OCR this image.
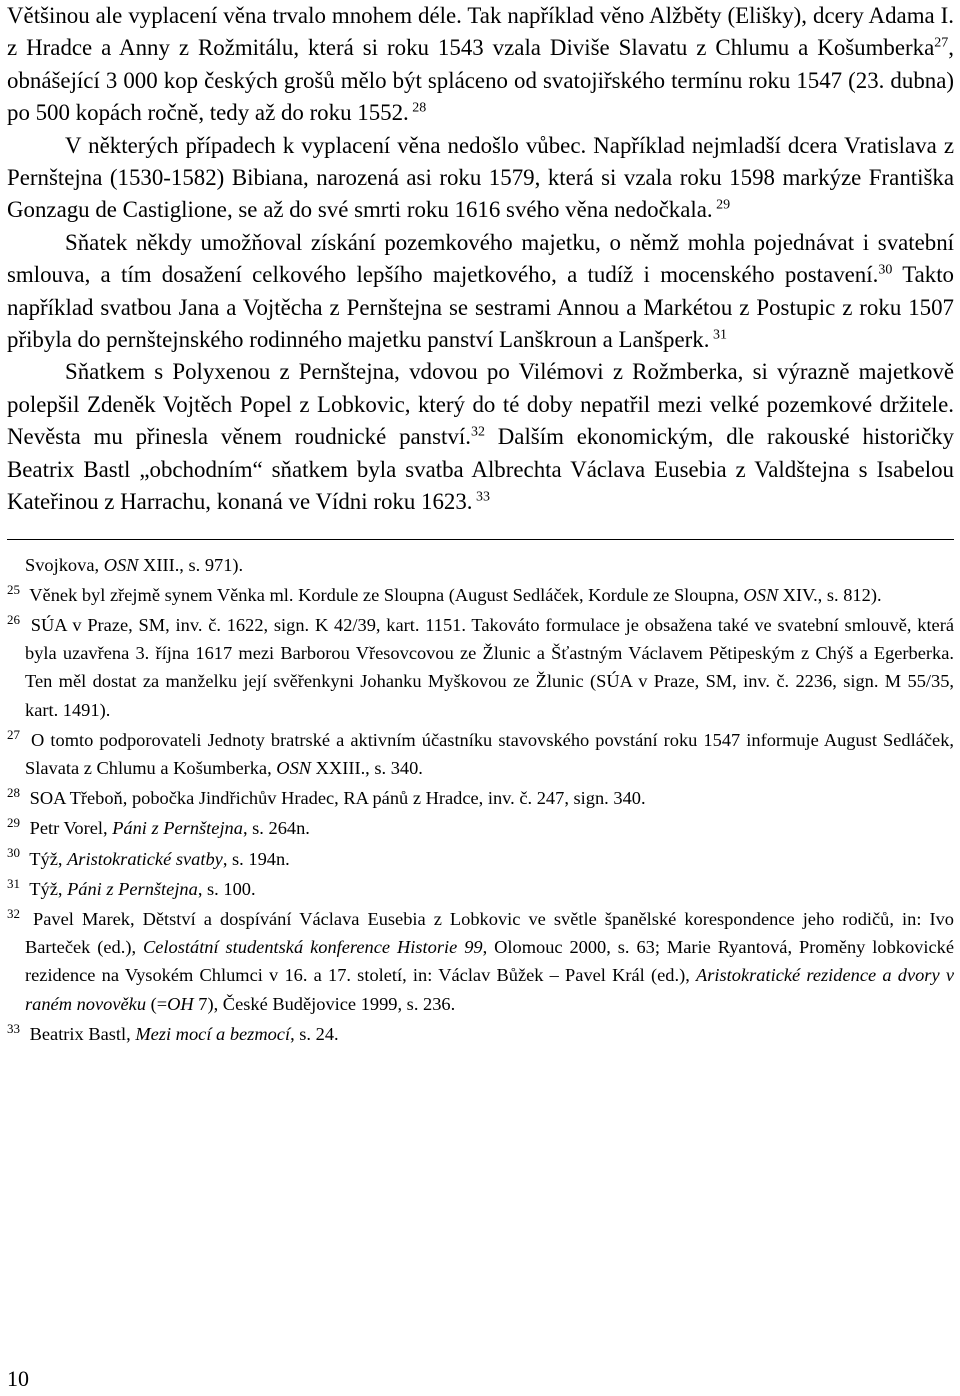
Většinou ale vyplacení věna trvalo mnohem déle. Tak například věno Alžběty (Elišky), dcery Adama I. z Hradce a Anny z Rožmitálu, která si roku 1543 vzala Diviše Slavatu z Chlumu a Košumberka$^{27}$, obnášející 3 000 kop českých grošů mělo být spláceno od svatojiřského termínu roku 1547 (23. dubna) po 500 kopách ročně, tedy až do roku 1552. $^{28}$

V některých případech k vyplacení věna nedošlo vůbec. Například nejmladší dcera Vratislava z Pernštejna (1530-1582) Bibiana, narozená asi roku 1579, která si vzala roku 1598 markýze Františka Gonzagu de Castiglione, se až do své smrti roku 1616 svého věna nedočkala. $^{29}$

Sňatek někdy umožňoval získání pozemkového majetku, o němž mohla pojednávat i svatební smlouva, a tím dosažení celkového lepšího majetkového, a tudíž i mocenského postavení.$^{30}$ Takto například svatbou Jana a Vojtěcha z Pernštejna se sestrami Annou a Markétou z Postupic z roku 1507 přibyla do pernštejnského rodinného majetku panství Lanškroun a Lanšperk. $^{31}$

Sňatkem s Polyxenou z Pernštejna, vdovou po Vilémovi z Rožmberka, si výrazně majetkově polepšil Zdeněk Vojtěch Popel z Lobkovic, který do té doby nepatřil mezi velké pozemkové držitele. Nevěsta mu přinesla věnem roudnické panství.$^{32}$ Dalším ekonomickým, dle rakouské historičky Beatrix Bastl „obchodním“ sňatkem byla svatba Albrechta Václava Eusebia z Valdštejna s Isabelou Kateřinou z Harrachu, konaná ve Vídni roku 1623. $^{33}$

Svojkova, OSN XIII., s. 971).
25 Věnek byl zřejmě synem Věnka ml. Kordule ze Sloupna (August Sedláček, Kordule ze Sloupna, OSN XIV., s. 812).
26 SÚA v Praze, SM, inv. č. 1622, sign. K 42/39, kart. 1151. Takováto formulace je obsažena také ve svatební smlouvě, která byla uzavřena 3. října 1617 mezi Barborou Vřesovcovou ze Žlunic a Šťastným Václavem Pětipeským z Chýš a Egerberka. Ten měl dostat za manželku její svěřenkyni Johanku Myškovou ze Žlunic (SÚA v Praze, SM, inv. č. 2236, sign. M 55/35, kart. 1491).
27 O tomto podporovateli Jednoty bratrské a aktivním účastníku stavovského povstání roku 1547 informuje August Sedláček, Slavata z Chlumu a Košumberka, OSN XXIII., s. 340.
28 SOA Třeboň, pobočka Jindřichův Hradec, RA pánů z Hradce, inv. č. 247, sign. 340.
29 Petr Vorel, Páni z Pernštejna, s. 264n.
30 Týž, Aristokratické svatby, s. 194n.
31 Týž, Páni z Pernštejna, s. 100.
32 Pavel Marek, Dětství a dospívání Václava Eusebia z Lobkovic ve světle španělské korespondence jeho rodičů, in: Ivo Barteček (ed.), Celostátní studentská konference Historie 99, Olomouc 2000, s. 63; Marie Ryantová, Proměny lobkovické rezidence na Vysokém Chlumci v 16. a 17. století, in: Václav Bůžek – Pavel Král (ed.), Aristokratické rezidence a dvory v raném novověku (=OH 7), České Budějovice 1999, s. 236.
33 Beatrix Bastl, Mezi mocí a bezmocí, s. 24.
10
